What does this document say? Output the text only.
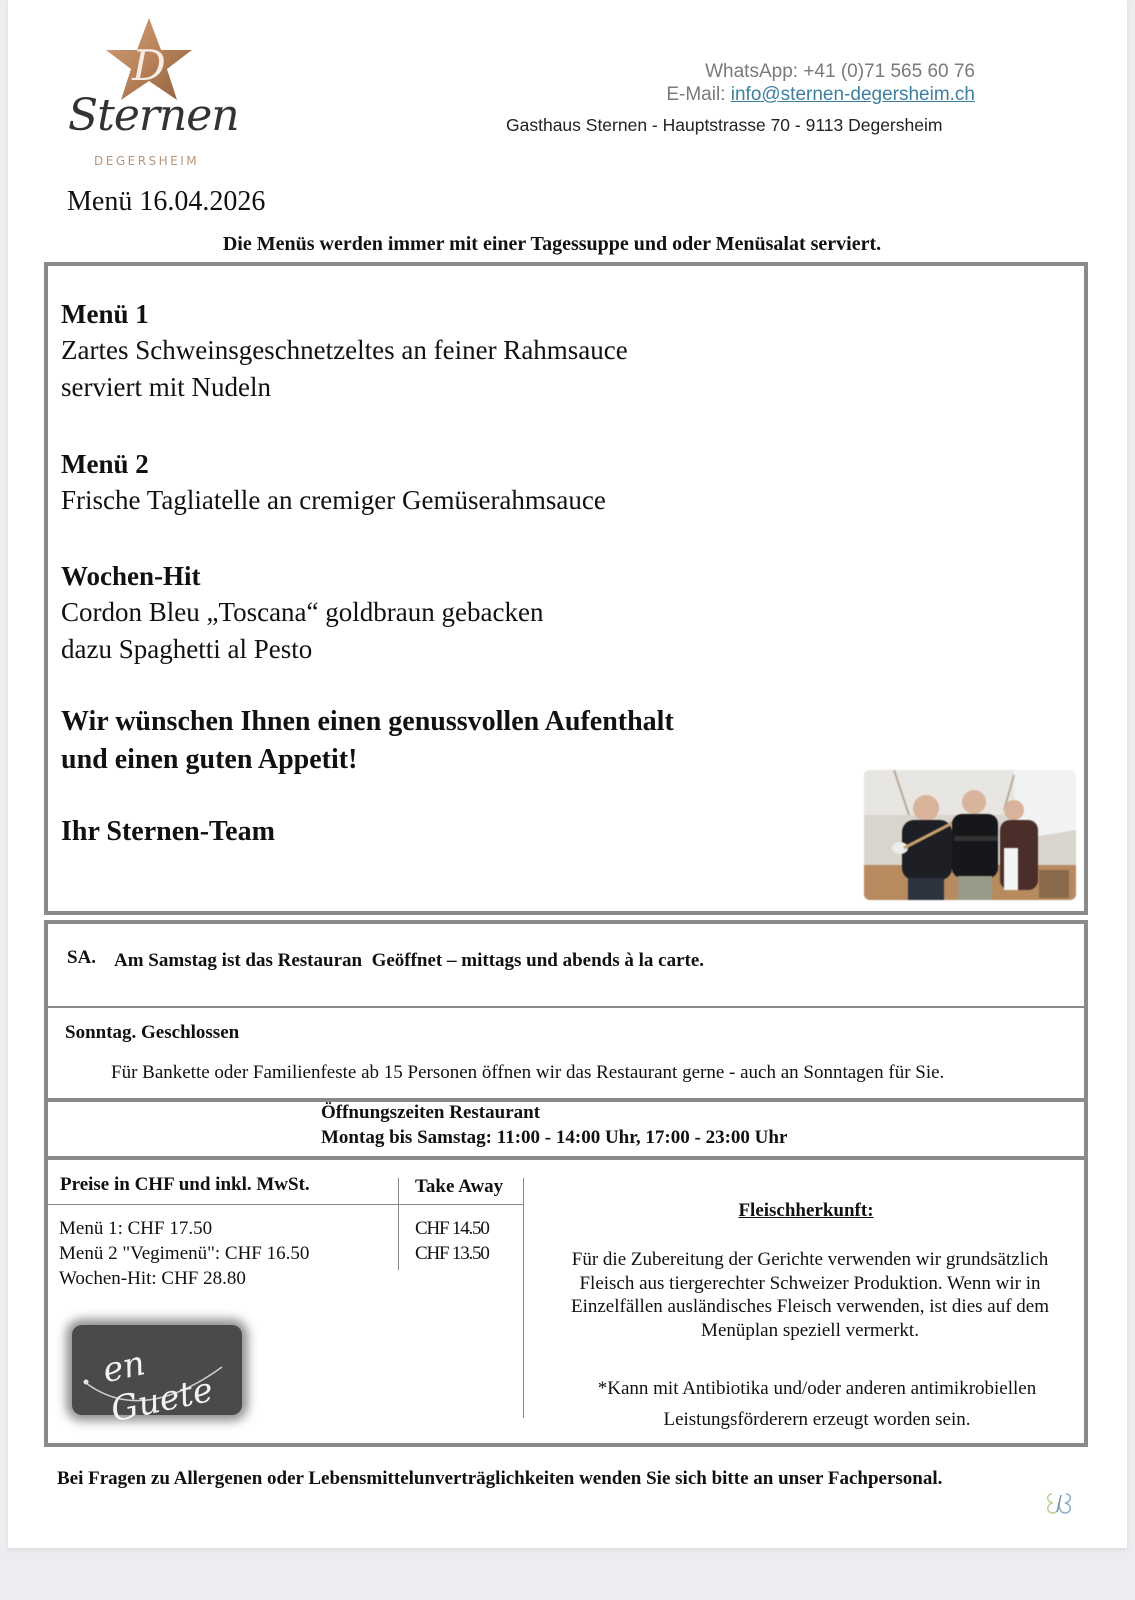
D
Sternen
DEGERSHEIM
WhatsApp: +41 (0)71 565 60 76
E-Mail: info@sternen-degersheim.ch
Gasthaus Sternen - Hauptstrasse 70 - 9113 Degersheim
Menü 16.04.2026
Die Menüs werden immer mit einer Tagessuppe und oder Menüsalat serviert.
Menü 1
Zartes Schweinsgeschnetzeltes an feiner Rahmsauce
serviert mit Nudeln
Menü 2
Frische Tagliatelle an cremiger Gemüserahmsauce
Wochen-Hit
Cordon Bleu „Toscana“ goldbraun gebacken
dazu Spaghetti al Pesto
Wir wünschen Ihnen einen genussvollen Aufenthalt
und einen guten Appetit!
Ihr Sternen-Team
SA. Am Samstag ist das Restauran  Geöffnet – mittags und abends à la carte.
Sonntag. Geschlossen
Für Bankette oder Familienfeste ab 15 Personen öffnen wir das Restaurant gerne - auch an Sonntagen für Sie.
Öffnungszeiten Restaurant
Montag bis Samstag: 11:00 - 14:00 Uhr, 17:00 - 23:00 Uhr
Preise in CHF und inkl. MwSt.	Take Away
Menü 1: CHF 17.50
Menü 2 "Vegimenü": CHF 16.50
Wochen-Hit: CHF 28.80
CHF 14.50
CHF 13.50
en Guete
Fleischherkunft:
Für die Zubereitung der Gerichte verwenden wir grundsätzlich Fleisch aus tiergerechter Schweizer Produktion. Wenn wir in Einzelfällen ausländisches Fleisch verwenden, ist dies auf dem Menüplan speziell vermerkt.
*Kann mit Antibiotika und/oder anderen antimikrobiellen
Leistungsförderern erzeugt worden sein.
Bei Fragen zu Allergenen oder Lebensmittelunverträglichkeiten wenden Sie sich bitte an unser Fachpersonal.
